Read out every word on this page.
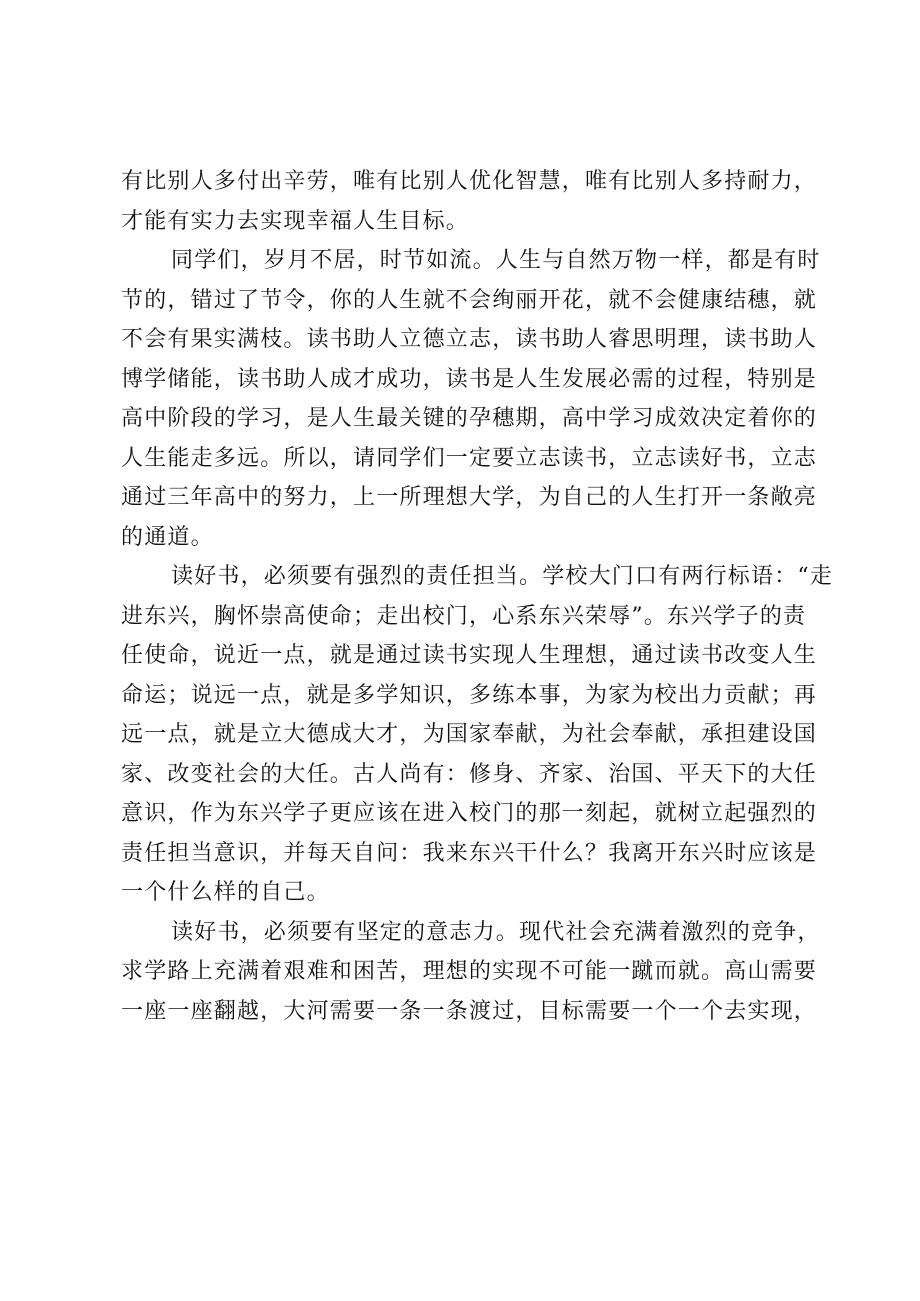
有比别人多付出辛劳，唯有比别人优化智慧，唯有比别人多持耐力，
才能有实力去实现幸福人生目标。

同学们，岁月不居，时节如流。人生与自然万物一样，都是有时
节的，错过了节令，你的人生就不会绚丽开花，就不会健康结穗，就
不会有果实满枝。读书助人立德立志，读书助人睿思明理，读书助人
博学储能，读书助人成才成功，读书是人生发展必需的过程，特别是
高中阶段的学习，是人生最关键的孕穗期，高中学习成效决定着你的
人生能走多远。所以，请同学们一定要立志读书，立志读好书，立志
通过三年高中的努力，上一所理想大学，为自己的人生打开一条敞亮
的通道。

读好书，必须要有强烈的责任担当。学校大门口有两行标语：“走
进东兴，胸怀崇高使命；走出校门，心系东兴荣辱”。东兴学子的责
任使命，说近一点，就是通过读书实现人生理想，通过读书改变人生
命运；说远一点，就是多学知识，多练本事，为家为校出力贡献；再
远一点，就是立大德成大才，为国家奉献，为社会奉献，承担建设国
家、改变社会的大任。古人尚有：修身、齐家、治国、平天下的大任
意识，作为东兴学子更应该在进入校门的那一刻起，就树立起强烈的
责任担当意识，并每天自问：我来东兴干什么？我离开东兴时应该是
一个什么样的自己。

读好书，必须要有坚定的意志力。现代社会充满着激烈的竞争，
求学路上充满着艰难和困苦，理想的实现不可能一蹴而就。高山需要
一座一座翻越，大河需要一条一条渡过，目标需要一个一个去实现，
